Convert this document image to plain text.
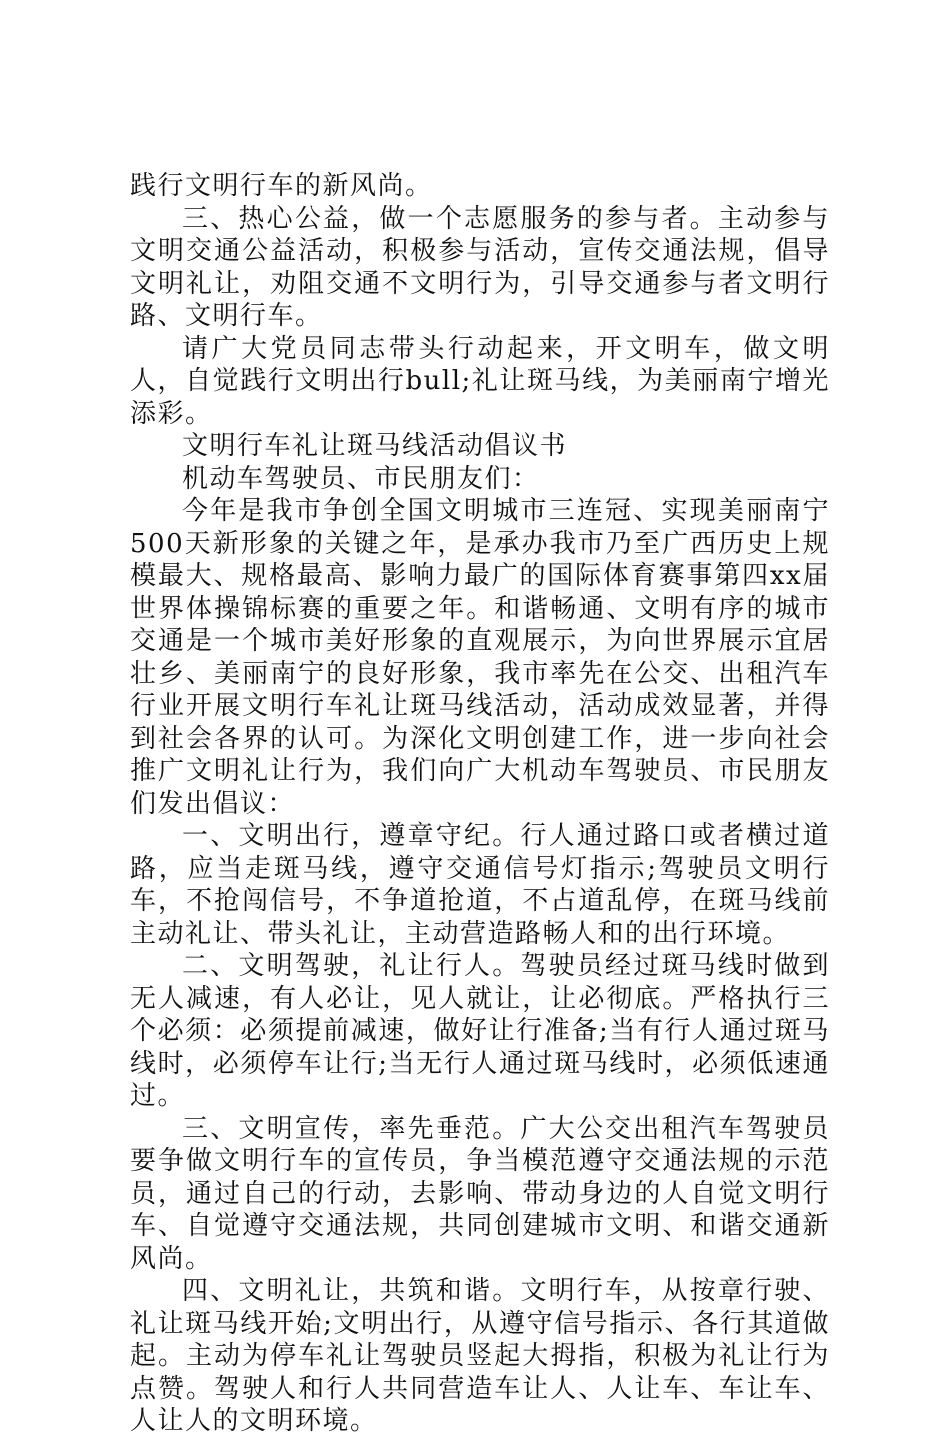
践行文明行车的新风尚。

三、热心公益，做一个志愿服务的参与者。主动参与文明交通公益活动，积极参与活动，宣传交通法规，倡导文明礼让，劝阻交通不文明行为，引导交通参与者文明行路、文明行车。

请广大党员同志带头行动起来，开文明车，做文明人，自觉践行文明出行bull;礼让斑马线，为美丽南宁增光添彩。

文明行车礼让斑马线活动倡议书

机动车驾驶员、市民朋友们：

今年是我市争创全国文明城市三连冠、实现美丽南宁500天新形象的关键之年，是承办我市乃至广西历史上规模最大、规格最高、影响力最广的国际体育赛事第四xx届世界体操锦标赛的重要之年。和谐畅通、文明有序的城市交通是一个城市美好形象的直观展示，为向世界展示宜居壮乡、美丽南宁的良好形象，我市率先在公交、出租汽车行业开展文明行车礼让斑马线活动，活动成效显著，并得到社会各界的认可。为深化文明创建工作，进一步向社会推广文明礼让行为，我们向广大机动车驾驶员、市民朋友们发出倡议：

一、文明出行，遵章守纪。行人通过路口或者横过道路，应当走斑马线，遵守交通信号灯指示;驾驶员文明行车，不抢闯信号，不争道抢道，不占道乱停，在斑马线前主动礼让、带头礼让，主动营造路畅人和的出行环境。

二、文明驾驶，礼让行人。驾驶员经过斑马线时做到无人减速，有人必让，见人就让，让必彻底。严格执行三个必须：必须提前减速，做好让行准备;当有行人通过斑马线时，必须停车让行;当无行人通过斑马线时，必须低速通过。

三、文明宣传，率先垂范。广大公交出租汽车驾驶员要争做文明行车的宣传员，争当模范遵守交通法规的示范员，通过自己的行动，去影响、带动身边的人自觉文明行车、自觉遵守交通法规，共同创建城市文明、和谐交通新风尚。

四、文明礼让，共筑和谐。文明行车，从按章行驶、礼让斑马线开始;文明出行，从遵守信号指示、各行其道做起。主动为停车礼让驾驶员竖起大拇指，积极为礼让行为点赞。驾驶人和行人共同营造车让人、人让车、车让车、人让人的文明环境。
